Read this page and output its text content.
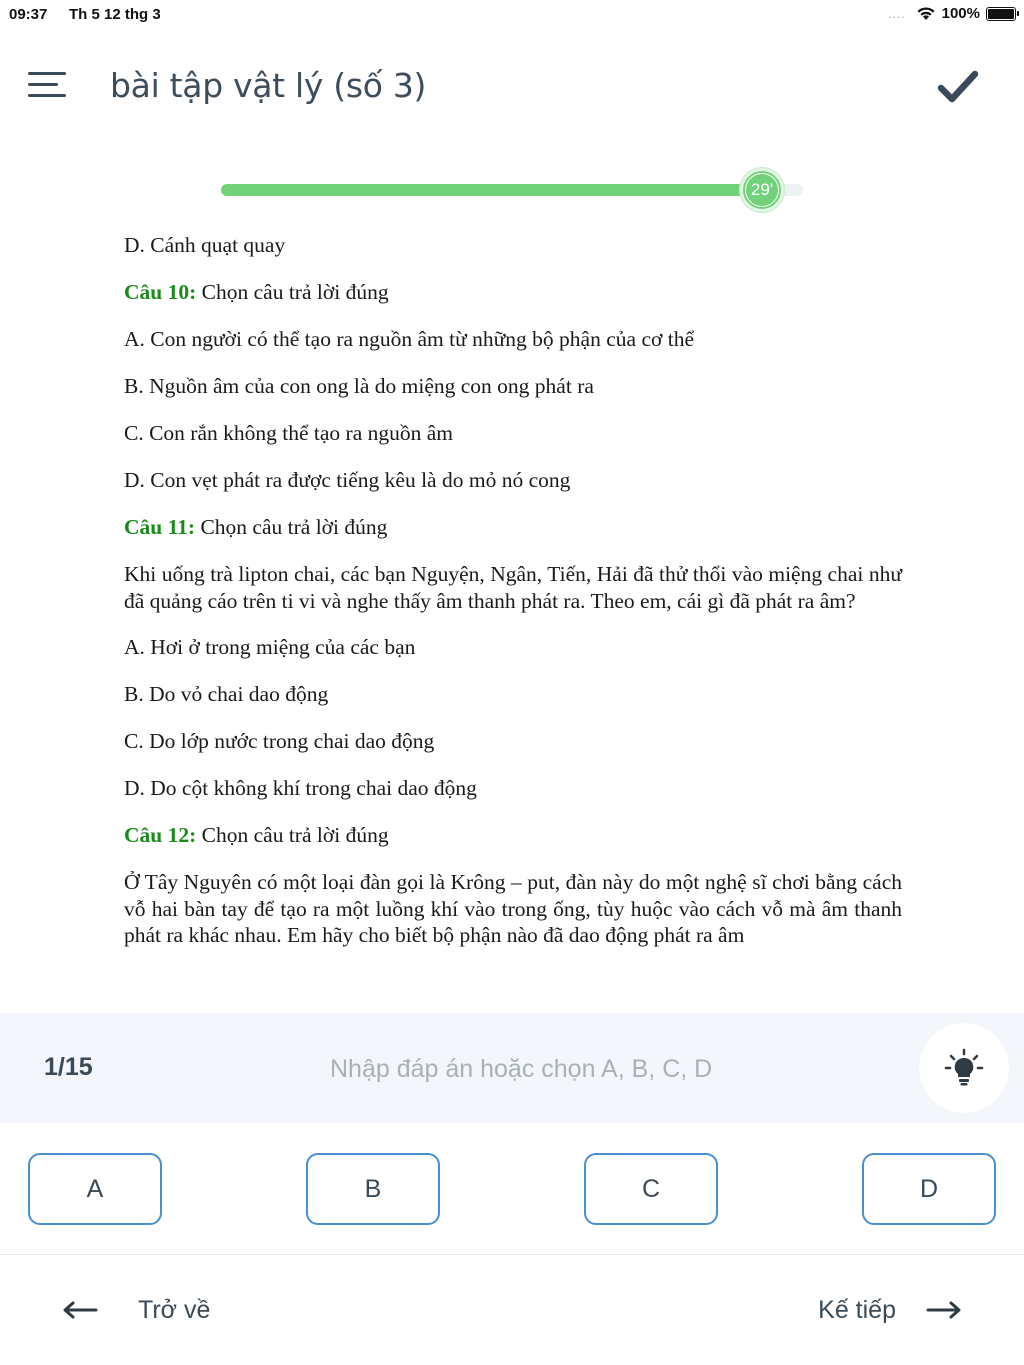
09:37 Th 5 12 thg 3	.... 100%
bài tập vật lý (số 3)
29'

D. Cánh quạt quay

Câu 10: Chọn câu trả lời đúng

A. Con người có thể tạo ra nguồn âm từ những bộ phận của cơ thể

B. Nguồn âm của con ong là do miệng con ong phát ra

C. Con rắn không thể tạo ra nguồn âm

D. Con vẹt phát ra được tiếng kêu là do mỏ nó cong

Câu 11: Chọn câu trả lời đúng

Khi uống trà lipton chai, các bạn Nguyện, Ngân, Tiến, Hải đã thử thổi vào miệng chai như đã quảng cáo trên ti vi và nghe thấy âm thanh phát ra. Theo em, cái gì đã phát ra âm?

A. Hơi ở trong miệng của các bạn

B. Do vỏ chai dao động

C. Do lớp nước trong chai dao động

D. Do cột không khí trong chai dao động

Câu 12: Chọn câu trả lời đúng

Ở Tây Nguyên có một loại đàn gọi là Krông – put, đàn này do một nghệ sĩ chơi bằng cách vỗ hai bàn tay để tạo ra một luồng khí vào trong ống, tùy huộc vào cách vỗ mà âm thanh phát ra khác nhau. Em hãy cho biết bộ phận nào đã dao động phát ra âm

1/15
Nhập đáp án hoặc chọn A, B, C, D
A	B	C	D
Trở về	Kế tiếp
